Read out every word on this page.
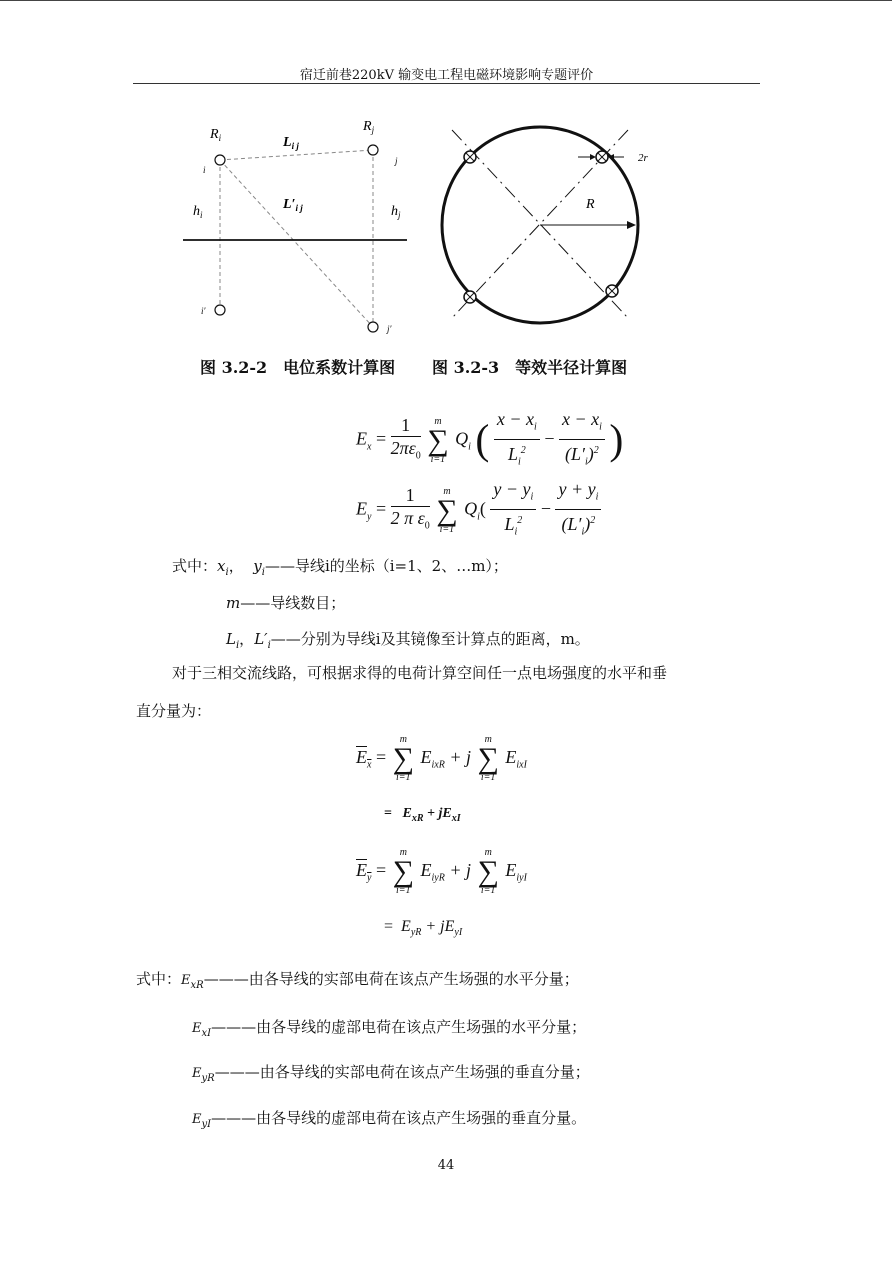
宿迁前巷220kV 输变电工程电磁环境影响专题评价
$R_i$
$R_j$
$L_{i j}$
$L'_{i j}$
$h_i$	$h_j$
i
j
i′
j′
R
2r
图 3.2-2　电位系数计算图 图 3.2-3　等效半径计算图
$E_x = \frac{1}{2\pi\varepsilon_0}$
	m
∑
i=1
$Q_i$ ( $\frac{x - x_i}{L_i^2} - \frac{x - x_i}{(L'_i)^2}$ )
$E_y = \frac{1}{2 \pi \varepsilon_0}$
	m
∑
i=1
$Q_i( \frac{y - y_i}{L_i^2} - \frac{y + y_i}{(L'_i)^2}$
式中：$x_i$， $y_i——$导线i的坐标（i=1、2、…m）；
m——导线数目；
$L_i$，$L'_i——$分别为导线i及其镜像至计算点的距离，m。
对于三相交流线路，可根据求得的电荷计算空间任一点电场强度的水平和垂
直分量为：
$E_x$ =
m
∑
i=1
$E_{ixR} + j$
m
∑
i=1
$E_{ixI}$
= $E_{xR} + jE_{xI}$
$E_y$ =
m
∑
i=1
$E_{iyR} + j$
m
∑
i=1
$E_{iyI}$
= $E_{yR} + jE_{yI}$
式中：$E_{xR}———$由各导线的实部电荷在该点产生场强的水平分量；
$E_{xI}———$由各导线的虚部电荷在该点产生场强的水平分量；
$E_{yR}———$由各导线的实部电荷在该点产生场强的垂直分量；
$E_{yI}———$由各导线的虚部电荷在该点产生场强的垂直分量。
44
